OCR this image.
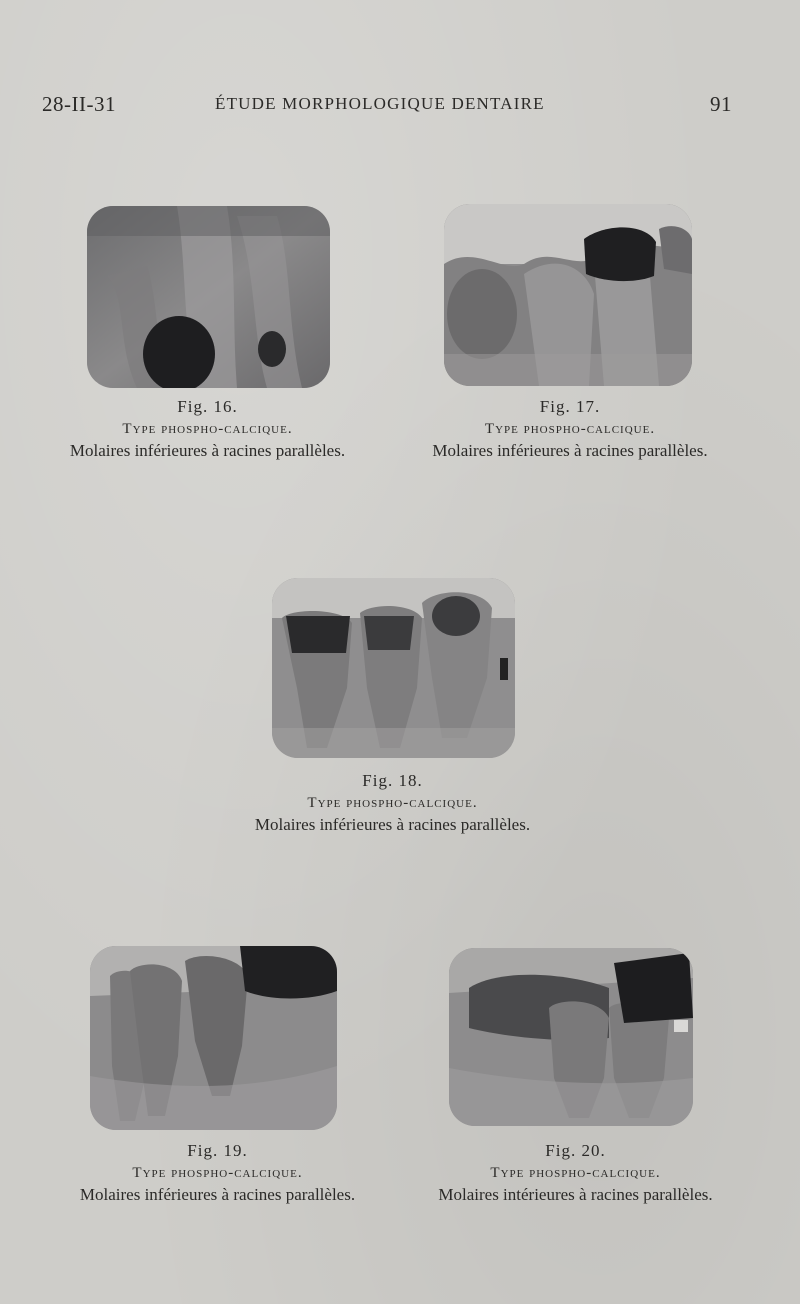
28-II-31	ÉTUDE MORPHOLOGIQUE DENTAIRE	91
Fig. 16.
Type phospho-calcique.
Molaires inférieures à racines parallèles.
Fig. 17.
Type phospho-calcique.
Molaires inférieures à racines parallèles.
Fig. 18.
Type phospho-calcique.
Molaires inférieures à racines parallèles.
Fig. 19.
Type phospho-calcique.
Molaires inférieures à racines parallèles.
Fig. 20.
Type phospho-calcique.
Molaires intérieures à racines parallèles.
